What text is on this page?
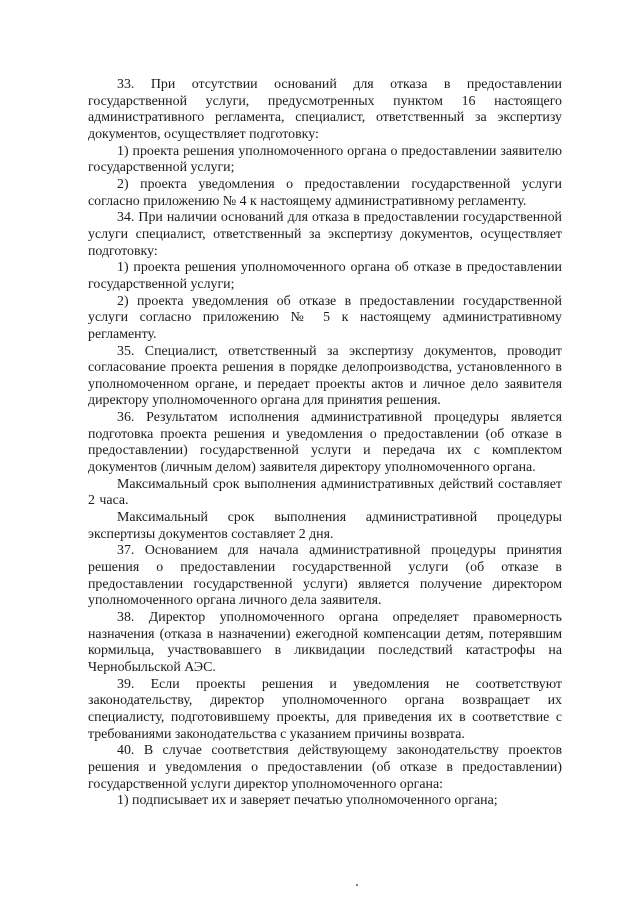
33. При отсутствии оснований для отказа в предоставлении государственной услуги, предусмотренных пунктом 16 настоящего административного регламента, специалист, ответственный за экспертизу документов, осуществляет подготовку:

1) проекта решения уполномоченного органа о предоставлении заявителю государственной услуги;

2) проекта уведомления о предоставлении государственной услуги согласно приложению № 4 к настоящему административному регламенту.

34. При наличии оснований для отказа в предоставлении государственной услуги специалист, ответственный за экспертизу документов, осуществляет подготовку:

1) проекта решения уполномоченного органа об отказе в предоставлении государственной услуги;

2) проекта уведомления об отказе в предоставлении государственной услуги согласно приложению № 5 к настоящему административному регламенту.

35. Специалист, ответственный за экспертизу документов, проводит согласование проекта решения в порядке делопроизводства, установленного в уполномоченном органе, и передает проекты актов и личное дело заявителя директору уполномоченного органа для принятия решения.

36. Результатом исполнения административной процедуры является подготовка проекта решения и уведомления о предоставлении (об отказе в предоставлении) государственной услуги и передача их с комплектом документов (личным делом) заявителя директору уполномоченного органа.

Максимальный срок выполнения административных действий составляет 2 часа.

Максимальный срок выполнения административной процедуры экспертизы документов составляет 2 дня.

37. Основанием для начала административной процедуры принятия решения о предоставлении государственной услуги (об отказе в предоставлении государственной услуги) является получение директором уполномоченного органа личного дела заявителя.

38. Директор уполномоченного органа определяет правомерность назначения (отказа в назначении) ежегодной компенсации детям, потерявшим кормильца, участвовавшего в ликвидации последствий катастрофы на Чернобыльской АЭС.

39. Если проекты решения и уведомления не соответствуют законодательству, директор уполномоченного органа возвращает их специалисту, подготовившему проекты, для приведения их в соответствие с требованиями законодательства с указанием причины возврата.

40. В случае соответствия действующему законодательству проектов решения и уведомления о предоставлении (об отказе в предоставлении) государственной услуги директор уполномоченного органа:

1) подписывает их и заверяет печатью уполномоченного органа;
